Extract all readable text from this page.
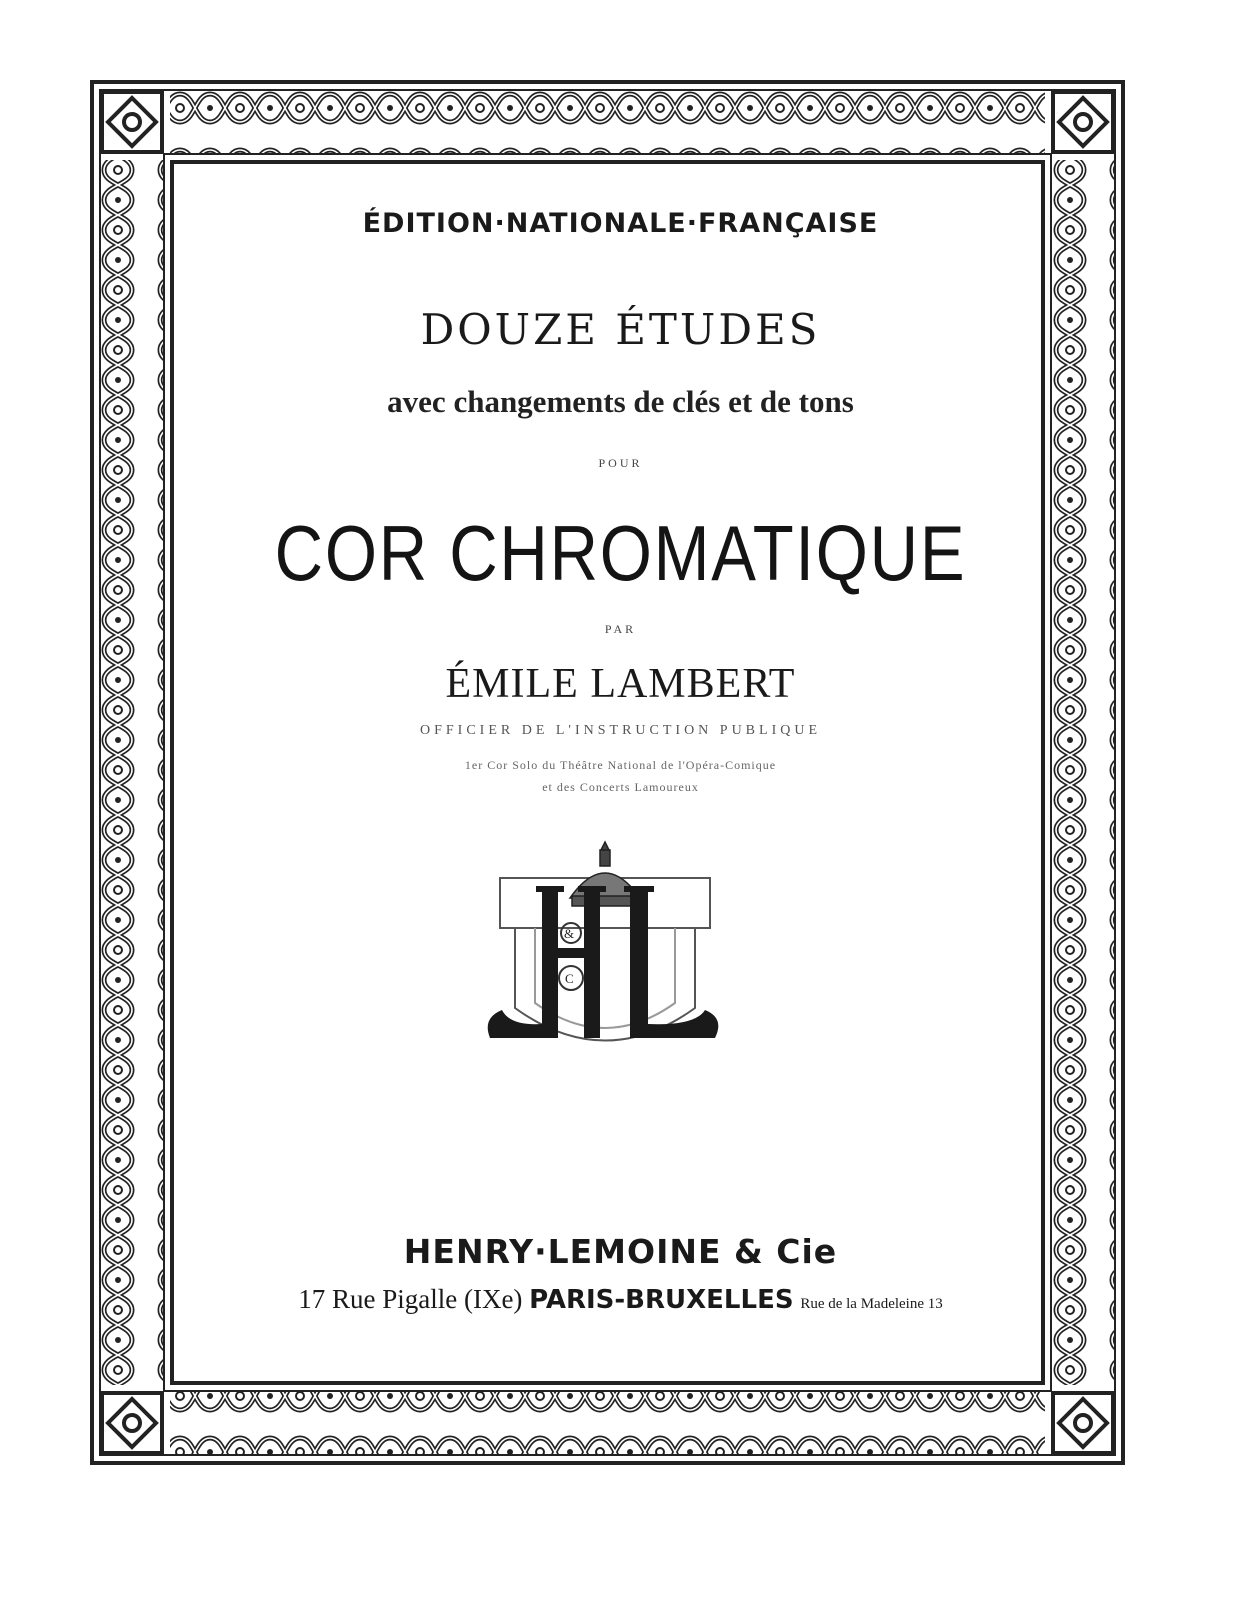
ÉDITION·NATIONALE·FRANÇAISE

DOUZE ÉTUDES

avec changements de clés et de tons

POUR

COR CHROMATIQUE

PAR

ÉMILE LAMBERT

OFFICIER DE L'INSTRUCTION PUBLIQUE

1er Cor Solo du Théâtre National de l'Opéra-Comique

et des Concerts Lamoureux

&
C

HENRY·LEMOINE & Cie

17 Rue Pigalle (IXe) PARIS-BRUXELLES Rue de la Madeleine 13
